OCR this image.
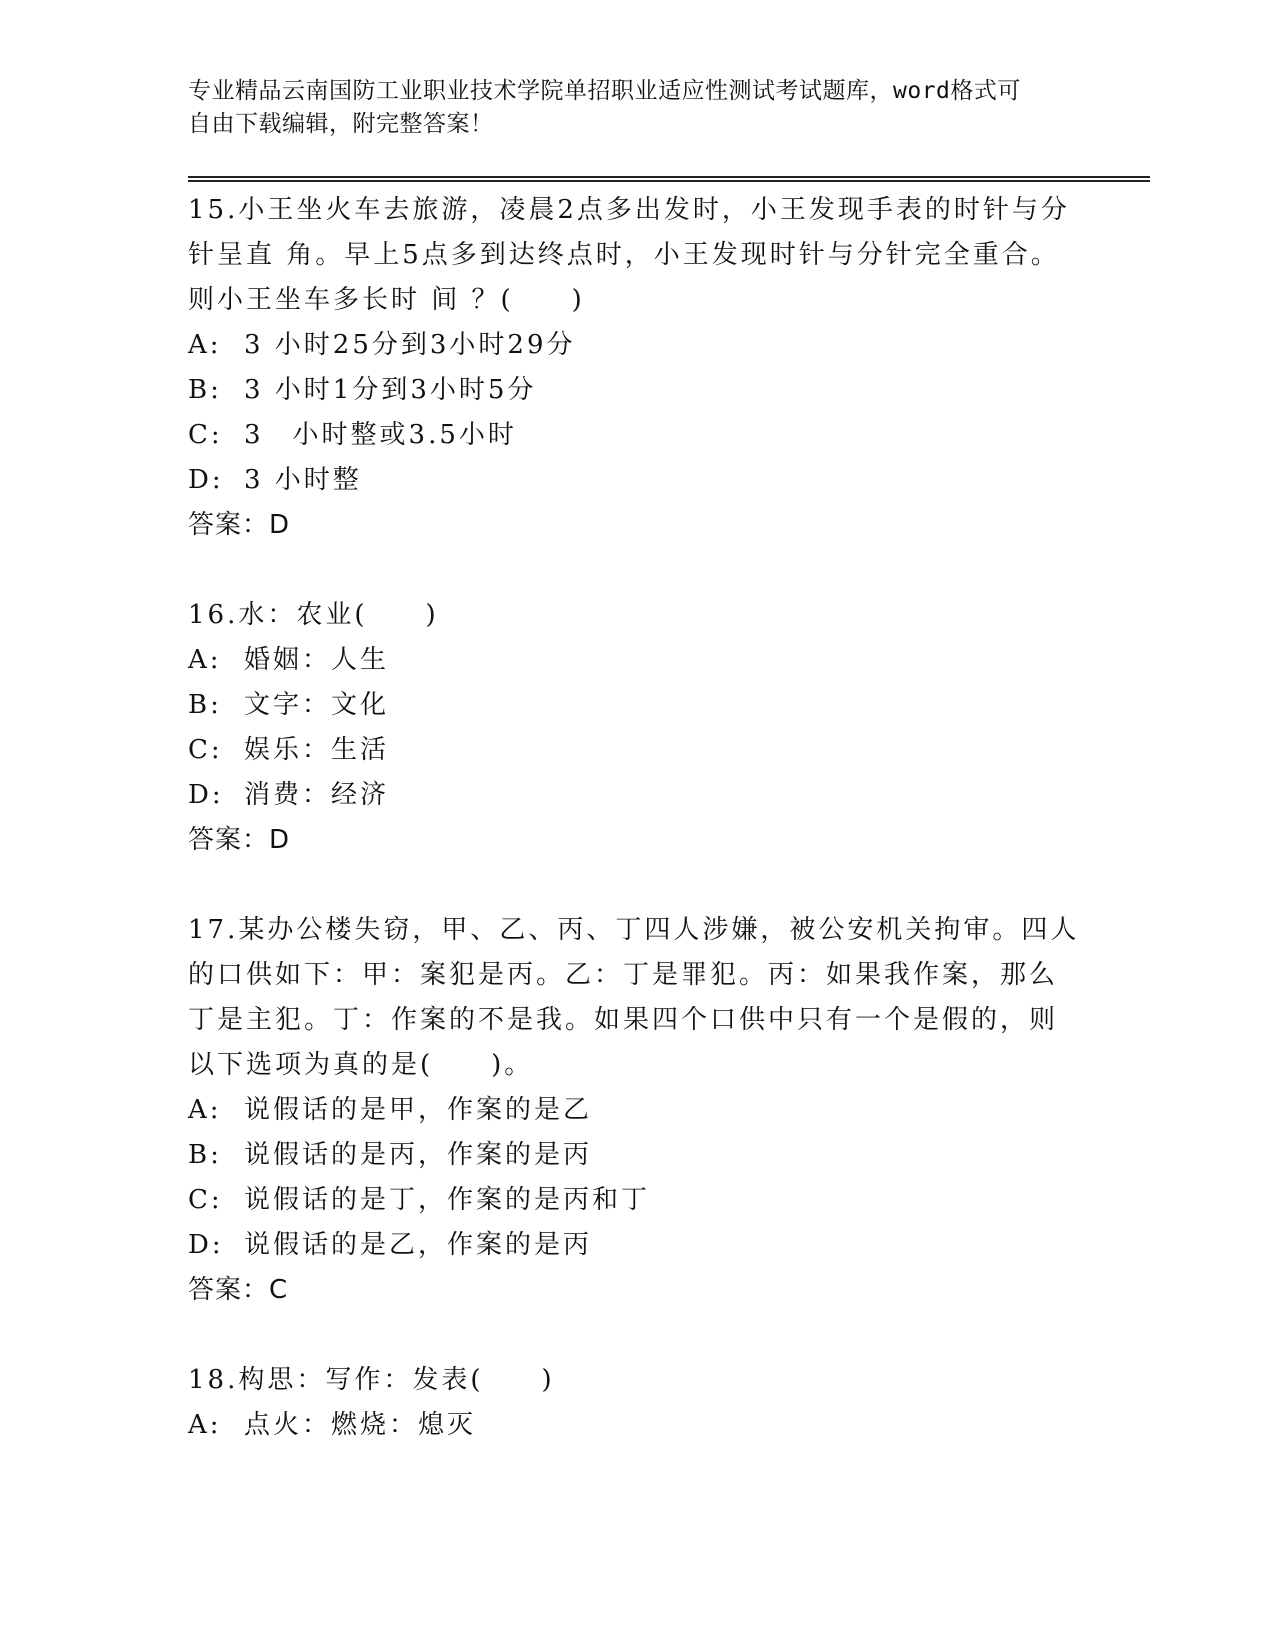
专业精品云南国防工业职业技术学院单招职业适应性测试考试题库，word格式可
自由下载编辑，附完整答案！
15.小王坐火车去旅游，凌晨2点多出发时，小王发现手表的时针与分
针呈直 角。早上5点多到达终点时，小王发现时针与分针完全重合。
则小王坐车多长时 间 ？(　　)
A: 3 小时25分到3小时29分
B: 3 小时1分到3小时5分
C: 3　小时整或3.5小时
D: 3 小时整
答案：D
16.水：农业(　　)
A: 婚姻：人生
B: 文字：文化
C: 娱乐：生活
D: 消费：经济
答案：D
17.某办公楼失窃，甲、乙、丙、丁四人涉嫌，被公安机关拘审。四人
的口供如下：甲：案犯是丙。乙：丁是罪犯。丙：如果我作案，那么
丁是主犯。丁：作案的不是我。如果四个口供中只有一个是假的，则
以下选项为真的是(　　)。
A: 说假话的是甲，作案的是乙
B: 说假话的是丙，作案的是丙
C: 说假话的是丁，作案的是丙和丁
D: 说假话的是乙，作案的是丙
答案：C
18.构思：写作：发表(　　)
A: 点火：燃烧：熄灭
